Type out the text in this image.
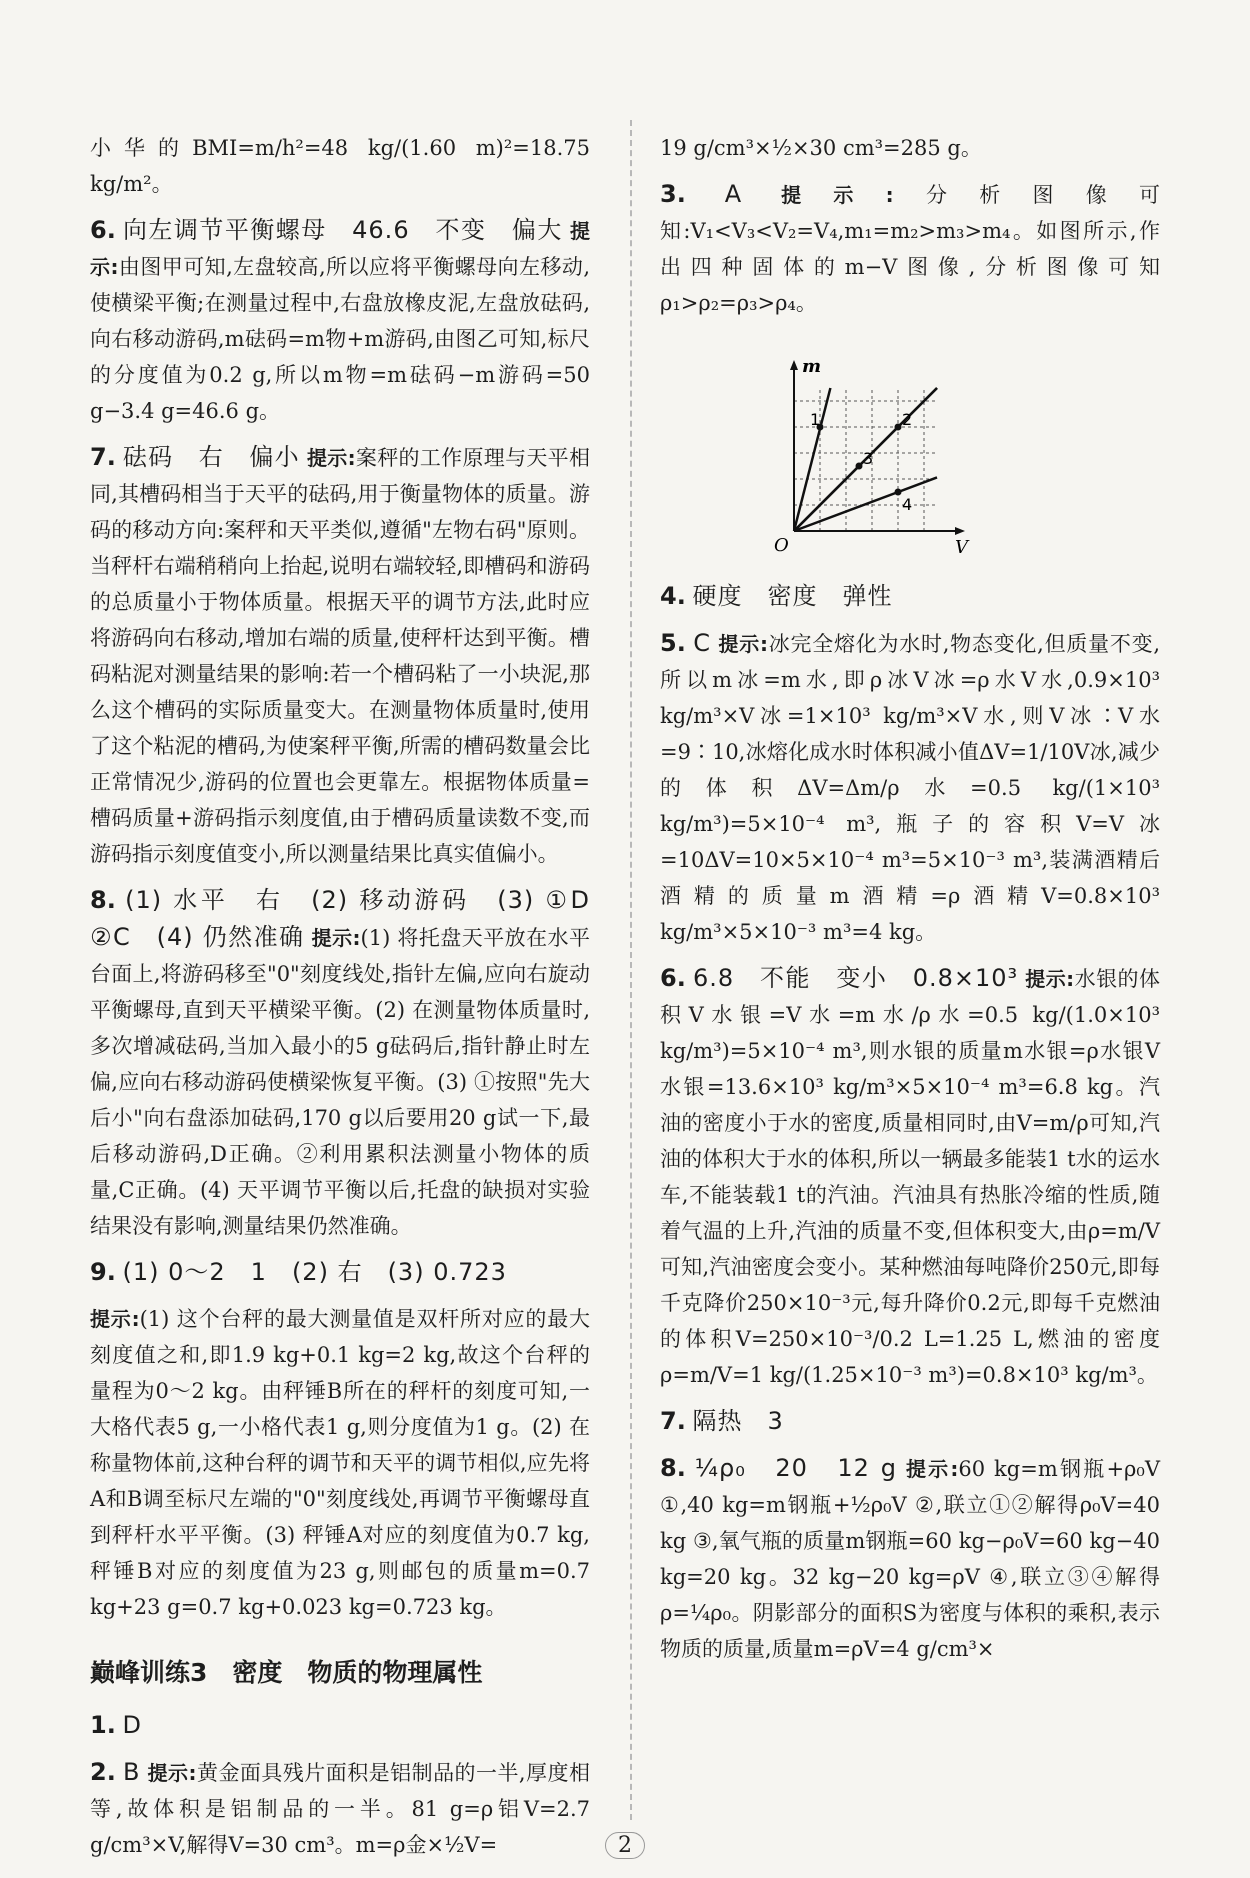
小华的BMI=m/h²=48 kg/(1.60 m)²=18.75 kg/m²。

6. 向左调节平衡螺母　46.6　不变　偏大 提示:由图甲可知,左盘较高,所以应将平衡螺母向左移动,使横梁平衡;在测量过程中,右盘放橡皮泥,左盘放砝码,向右移动游码,m砝码=m物+m游码,由图乙可知,标尺的分度值为0.2 g,所以m物=m砝码−m游码=50 g−3.4 g=46.6 g。

7. 砝码　右　偏小 提示:案秤的工作原理与天平相同,其槽码相当于天平的砝码,用于衡量物体的质量。游码的移动方向:案秤和天平类似,遵循"左物右码"原则。当秤杆右端稍稍向上抬起,说明右端较轻,即槽码和游码的总质量小于物体质量。根据天平的调节方法,此时应将游码向右移动,增加右端的质量,使秤杆达到平衡。槽码粘泥对测量结果的影响:若一个槽码粘了一小块泥,那么这个槽码的实际质量变大。在测量物体质量时,使用了这个粘泥的槽码,为使案秤平衡,所需的槽码数量会比正常情况少,游码的位置也会更靠左。根据物体质量=槽码质量+游码指示刻度值,由于槽码质量读数不变,而游码指示刻度值变小,所以测量结果比真实值偏小。

8. (1) 水平　右　(2) 移动游码　(3) ①D ②C　(4) 仍然准确 提示:(1) 将托盘天平放在水平台面上,将游码移至"0"刻度线处,指针左偏,应向右旋动平衡螺母,直到天平横梁平衡。(2) 在测量物体质量时,多次增减砝码,当加入最小的5 g砝码后,指针静止时左偏,应向右移动游码使横梁恢复平衡。(3) ①按照"先大后小"向右盘添加砝码,170 g以后要用20 g试一下,最后移动游码,D正确。②利用累积法测量小物体的质量,C正确。(4) 天平调节平衡以后,托盘的缺损对实验结果没有影响,测量结果仍然准确。

9. (1) 0～2　1　(2) 右　(3) 0.723

提示:(1) 这个台秤的最大测量值是双杆所对应的最大刻度值之和,即1.9 kg+0.1 kg=2 kg,故这个台秤的量程为0～2 kg。由秤锤B所在的秤杆的刻度可知,一大格代表5 g,一小格代表1 g,则分度值为1 g。(2) 在称量物体前,这种台秤的调节和天平的调节相似,应先将A和B调至标尺左端的"0"刻度线处,再调节平衡螺母直到秤杆水平平衡。(3) 秤锤A对应的刻度值为0.7 kg,秤锤B对应的刻度值为23 g,则邮包的质量m=0.7 kg+23 g=0.7 kg+0.023 kg=0.723 kg。

巅峰训练3　密度　物质的物理属性

1. D

2. B 提示:黄金面具残片面积是铝制品的一半,厚度相等,故体积是铝制品的一半。81 g=ρ铝V=2.7 g/cm³×V,解得V=30 cm³。m=ρ金×½V=

19 g/cm³×½×30 cm³=285 g。

3. A 提示:分析图像可知:V₁<V₃<V₂=V₄,m₁=m₂>m₃>m₄。如图所示,作出四种固体的m−V图像,分析图像可知ρ₁>ρ₂=ρ₃>ρ₄。

V
m
O
1	2
3
4

4. 硬度　密度　弹性

5. C 提示:冰完全熔化为水时,物态变化,但质量不变,所以m冰=m水,即ρ冰V冰=ρ水V水,0.9×10³ kg/m³×V冰=1×10³ kg/m³×V水,则V冰∶V水=9∶10,冰熔化成水时体积减小值ΔV=1/10V冰,减少的体积ΔV=Δm/ρ水=0.5 kg/(1×10³ kg/m³)=5×10⁻⁴ m³,瓶子的容积V=V冰=10ΔV=10×5×10⁻⁴ m³=5×10⁻³ m³,装满酒精后酒精的质量m酒精=ρ酒精V=0.8×10³ kg/m³×5×10⁻³ m³=4 kg。

6. 6.8　不能　变小　0.8×10³ 提示:水银的体积V水银=V水=m水/ρ水=0.5 kg/(1.0×10³ kg/m³)=5×10⁻⁴ m³,则水银的质量m水银=ρ水银V水银=13.6×10³ kg/m³×5×10⁻⁴ m³=6.8 kg。汽油的密度小于水的密度,质量相同时,由V=m/ρ可知,汽油的体积大于水的体积,所以一辆最多能装1 t水的运水车,不能装载1 t的汽油。汽油具有热胀冷缩的性质,随着气温的上升,汽油的质量不变,但体积变大,由ρ=m/V可知,汽油密度会变小。某种燃油每吨降价250元,即每千克降价250×10⁻³元,每升降价0.2元,即每千克燃油的体积V=250×10⁻³/0.2 L=1.25 L,燃油的密度ρ=m/V=1 kg/(1.25×10⁻³ m³)=0.8×10³ kg/m³。

7. 隔热　3

8. ¼ρ₀　20　12 g 提示:60 kg=m钢瓶+ρ₀V ①,40 kg=m钢瓶+½ρ₀V ②,联立①②解得ρ₀V=40 kg ③,氧气瓶的质量m钢瓶=60 kg−ρ₀V=60 kg−40 kg=20 kg。32 kg−20 kg=ρV ④,联立③④解得ρ=¼ρ₀。阴影部分的面积S为密度与体积的乘积,表示物质的质量,质量m=ρV=4 g/cm³×

2
